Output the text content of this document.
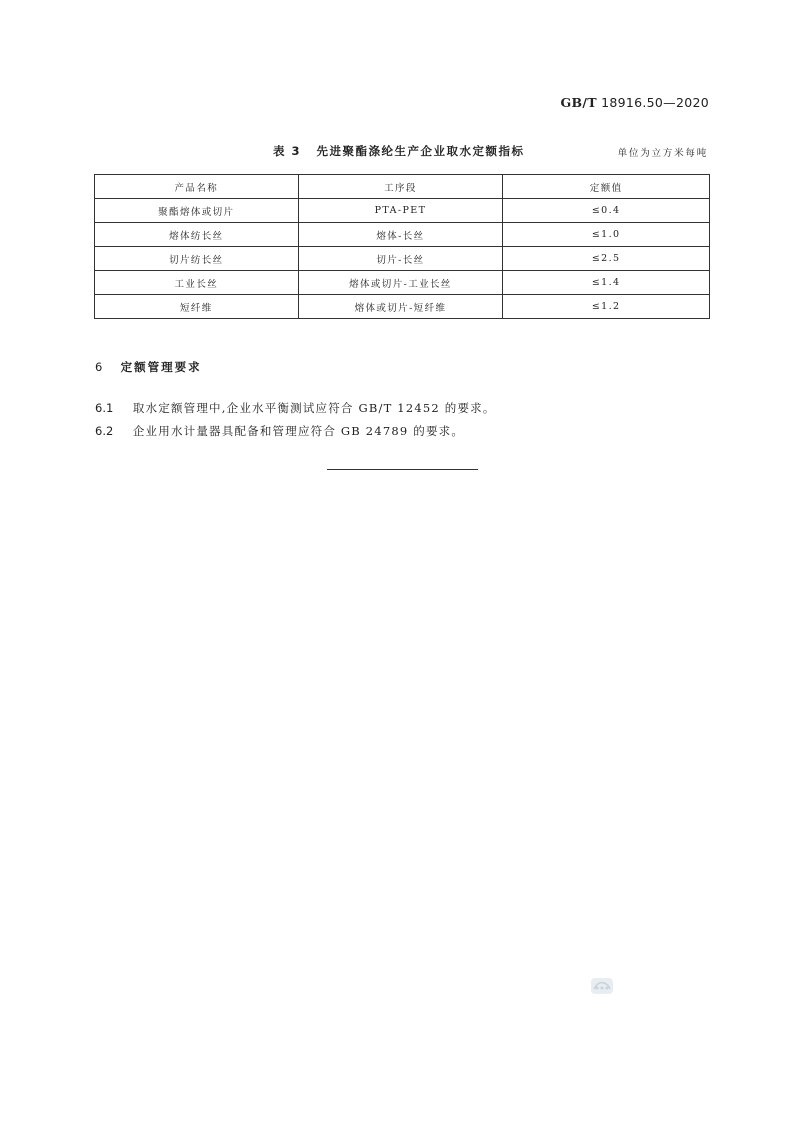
GB/T 18916.50—2020
表 3 先进聚酯涤纶生产企业取水定额指标	单位为立方米每吨
产品名称	工序段	定额值
聚酯熔体或切片	PTA-PET	≤0.4
熔体纺长丝	熔体-长丝	≤1.0
切片纺长丝	切片-长丝	≤2.5
工业长丝	熔体或切片-工业长丝	≤1.4
短纤维	熔体或切片-短纤维	≤1.2
6 定额管理要求
6.1 取水定额管理中,企业水平衡测试应符合 GB/T 12452 的要求。
6.2 企业用水计量器具配备和管理应符合 GB 24789 的要求。
